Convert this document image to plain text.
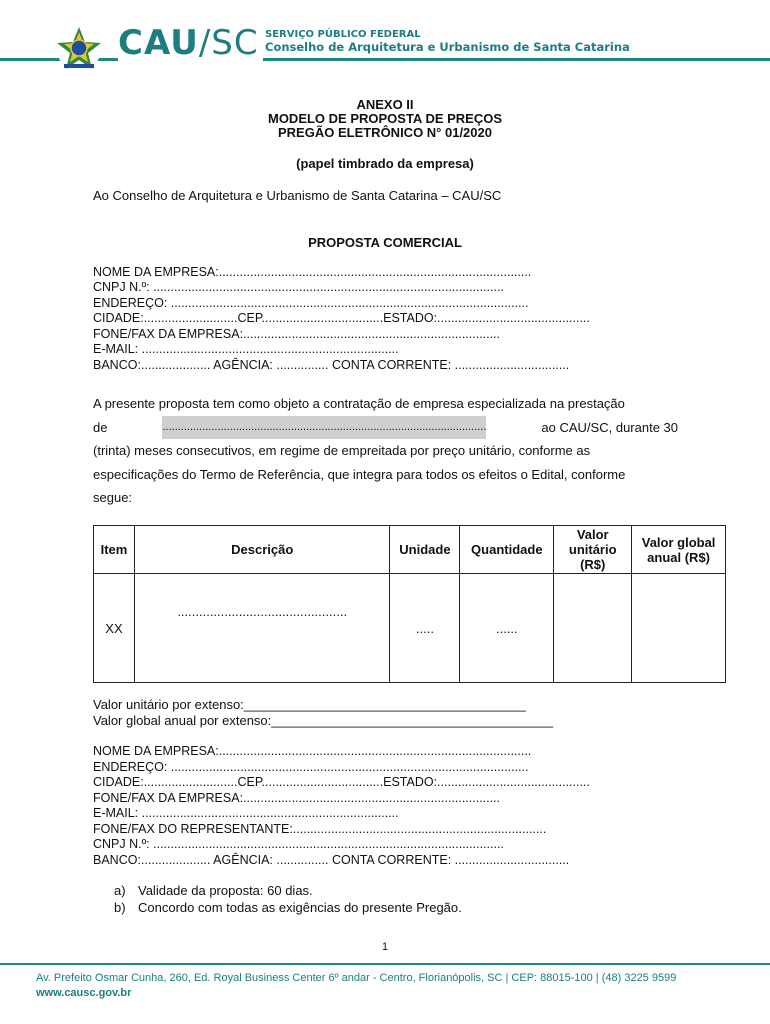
CAU/SC SERVIÇO PÚBLICO FEDERAL
Conselho de Arquitetura e Urbanismo de Santa Catarina
ANEXO II
MODELO DE PROPOSTA DE PREÇOS
PREGÃO ELETRÔNICO N° 01/2020
(papel timbrado da empresa)
Ao Conselho de Arquitetura e Urbanismo de Santa Catarina – CAU/SC
PROPOSTA COMERCIAL
NOME DA EMPRESA:..........................................................................................
CNPJ N.º: .....................................................................................................
ENDEREÇO: .......................................................................................................
CIDADE:...........................CEP...................................ESTADO:............................................
FONE/FAX DA EMPRESA:..........................................................................
E-MAIL: ..........................................................................
BANCO:.................... AGÊNCIA: ............... CONTA CORRENTE: .................................
A presente proposta tem como objeto a contratação de empresa especializada na prestação
de	..........................................................................................................	ao CAU/SC, durante 30
(trinta) meses consecutivos, em regime de empreitada por preço unitário, conforme as
especificações do Termo de Referência, que integra para todos os efeitos o Edital, conforme
segue:
Item	Descrição	Unidade	Quantidade	Valor unitário (R$)	Valor global anual (R$)
XX	...............................................	.....	......		
Valor unitário por extenso:_______________________________________
Valor global anual por extenso:_______________________________________
NOME DA EMPRESA:..........................................................................................
ENDEREÇO: .......................................................................................................
CIDADE:...........................CEP...................................ESTADO:............................................
FONE/FAX DA EMPRESA:..........................................................................
E-MAIL: ..........................................................................
FONE/FAX DO REPRESENTANTE:.........................................................................
CNPJ N.º: .....................................................................................................
BANCO:.................... AGÊNCIA: ............... CONTA CORRENTE: .................................
a) Validade da proposta: 60 dias.
b) Concordo com todas as exigências do presente Pregão.
1
Av. Prefeito Osmar Cunha, 260, Ed. Royal Business Center 6º andar - Centro, Florianópolis, SC | CEP: 88015-100 | (48) 3225 9599
www.causc.gov.br
